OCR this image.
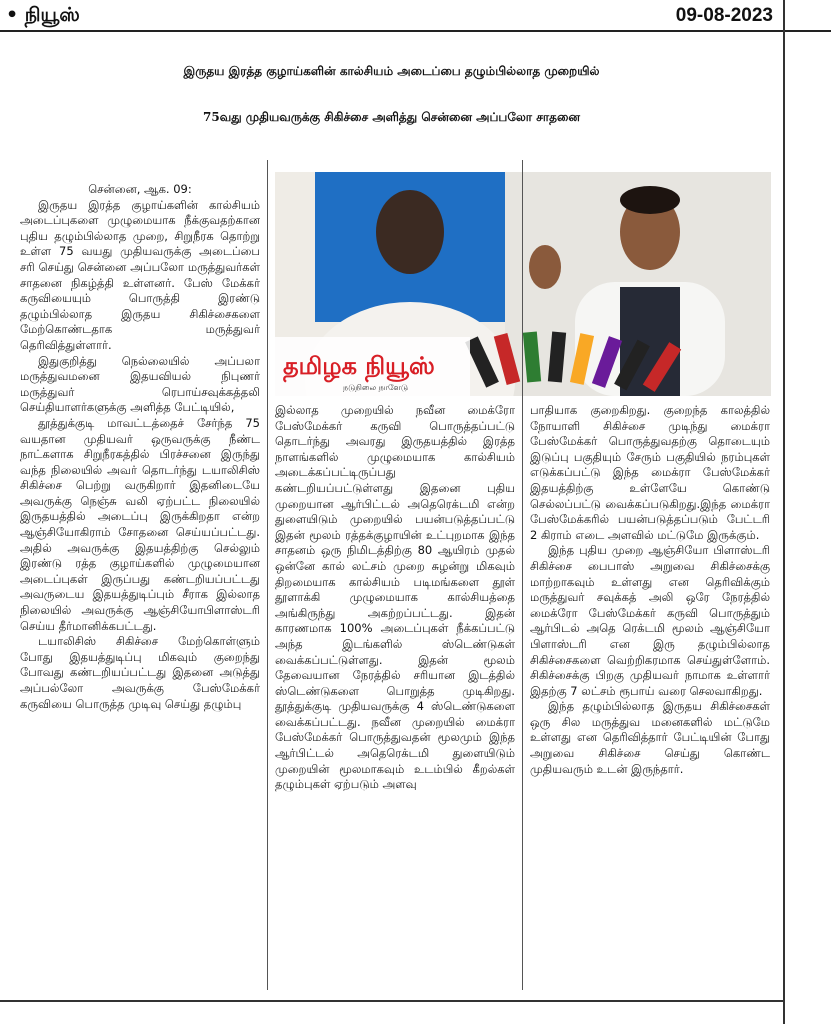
• நியூஸ்	09-08-2023
இருதய இரத்த குழாய்களின் கால்சியம் அடைப்பை தழும்பில்லாத முறையில்
75வது முதியவருக்கு சிகிச்சை அளித்து சென்னை அப்பலோ சாதனை
தமிழக நியூஸ்
நடுநிலை நாளேடு

சென்னை, ஆக. 09:

இருதய இரத்த குழாய்களின் கால்சியம் அடைப்புகளை முழுமையாக நீக்குவதற்கான புதிய தழும்பில்லாத முறை, சிறுநீரக தொற்று உள்ள 75 வயது முதியவருக்கு அடைப்பை சரி செய்து சென்னை அப்பலோ மருத்துவர்கள் சாதனை நிகழ்த்தி உள்ளனர். பேஸ் மேக்கர் கருவியையும் பொருத்தி இரண்டு தழும்பில்லாத இருதய சிகிச்சைகளை மேற்கொண்டதாக மருத்துவர் தெரிவித்துள்ளார்.

இதுகுறித்து நெல்லையில் அப்பலா மருத்துவமனை இதயவியல் நிபுணர் மருத்துவர் ரெபாய்சவுக்கத்தலி செய்தியாளர்களுக்கு அளித்த பேட்டியில்,

தூத்துக்குடி மாவட்டத்தைச் சேர்ந்த 75 வயதான முதியவர் ஒருவருக்கு நீண்ட நாட்களாக சிறுநீரகத்தில் பிரச்சனை இருந்து வந்த நிலையில் அவர் தொடர்ந்து டயாலிசிஸ் சிகிச்சை பெற்று வருகிறார் இதனிடையே அவருக்கு நெஞ்சு வலி ஏற்பட்ட நிலையில் இருதயத்தில் அடைப்பு இருக்கிறதா என்ற ஆஞ்சியோகிராம் சோதனை செய்யப்பட்டது. அதில் அவருக்கு இதயத்திற்கு செல்லும் இரண்டு ரத்த குழாய்களில் முழுமையான அடைப்புகள் இருப்பது கண்டறியப்பட்டது அவருடைய இதயத்துடிப்பும் சீராக இல்லாத நிலையில் அவருக்கு ஆஞ்சியோபிளாஸ்டரி செய்ய தீர்மானிக்கபட்டது.

டயாலிசிஸ் சிகிச்சை மேற்கொள்ளும் போது இதயத்துடிப்பு மிகவும் குறைந்து போவது கண்டறியப்பட்டது இதனை அடுத்து அப்பல்லோ அவருக்கு பேஸ்மேக்கர் கருவியை பொருத்த முடிவு செய்து தழும்பு

இல்லாத முறையில் நவீன மைக்ரோ பேஸ்மேக்கர் கருவி பொருத்தப்பட்டு தொடர்ந்து அவரது இருதயத்தில் இரத்த நாளங்களில் முழுமையாக கால்சியம் அடைக்கப்பட்டிருப்பது கண்டறியப்பட்டுள்ளது இதனை புதிய முறையான ஆர்பிட்டல் அதெரெக்டமி என்ற துளையிடும் முறையில் பயன்படுத்தப்பட்டு இதன் மூலம் ரத்தக்குழாயின் உட்புறமாக இந்த சாதனம் ஒரு நிமிடத்திற்கு 80 ஆயிரம் முதல் ஒன்னே கால் லட்சம் முறை சுழன்று மிகவும் திறமையாக கால்சியம் படிமங்களை தூள் தூளாக்கி முழுமையாக கால்சியத்தை அங்கிருந்து அகற்றப்பட்டது. இதன் காரணமாக 100% அடைப்புகள் நீக்கப்பட்டு அந்த இடங்களில் ஸ்டெண்டுகள் வைக்கப்பட்டுள்ளது. இதன் மூலம் தேவையான நேரத்தில் சரியான இடத்தில் ஸ்டெண்டுகளை பொறுத்த முடிகிறது. தூத்துக்குடி முதியவருக்கு 4 ஸ்டெண்டுகளை வைக்கப்பட்டது. நவீன முறையில் மைக்ரா பேஸ்மேக்கர் பொருத்துவதன் மூலமும் இந்த ஆர்பிட்டல் அதெரெக்டமி துளையிடும் முறையின் மூலமாகவும் உடம்பில் கீறல்கள் தழும்புகள் ஏற்படும் அளவு

பாதியாக குறைகிறது. குறைந்த காலத்தில் நோயாளி சிகிச்சை முடிந்து மைக்ரா பேஸ்மேக்கர் பொருத்துவதற்கு தொடையும் இடுப்பு பகுதியும் சேரும் பகுதியில் நரம்புகள் எடுக்கப்பட்டு இந்த மைக்ரா பேஸ்மேக்கர் இதயத்திற்கு உள்ளேயே கொண்டு செல்லப்பட்டு வைக்கப்படுகிறது.இந்த மைக்ரா பேஸ்மேக்கரில் பயன்படுத்தப்படும் பேட்டரி 2 கிராம் எடை அளவில் மட்டுமே இருக்கும்.

இந்த புதிய முறை ஆஞ்சியோ பிளாஸ்டரி சிகிச்சை பைபாஸ் அறுவை சிகிச்சைக்கு மாற்றாகவும் உள்ளது என தெரிவிக்கும் மருத்துவர் சவுக்கத் அலி ஒரே நேரத்தில் மைக்ரோ பேஸ்மேக்கர் கருவி பொருத்தும் ஆர்பிடல் அதெ ரெக்டமி மூலம் ஆஞ்சியோ பிளாஸ்டரி என இரு தழும்பில்லாத சிகிச்சைகளை வெற்றிகரமாக செய்துள்ளோம். சிகிச்சைக்கு பிறகு முதியவர் நாமாக உள்ளார் இதற்கு 7 லட்சம் ரூபாய் வரை செலவாகிறது.

இந்த தழும்பில்லாத இருதய சிகிச்சைகள் ஒரு சில மருத்துவ மனைகளில் மட்டுமே உள்ளது என தெரிவித்தார் பேட்டியின் போது அறுவை சிகிச்சை செய்து கொண்ட முதியவரும் உடன் இருந்தார்.
